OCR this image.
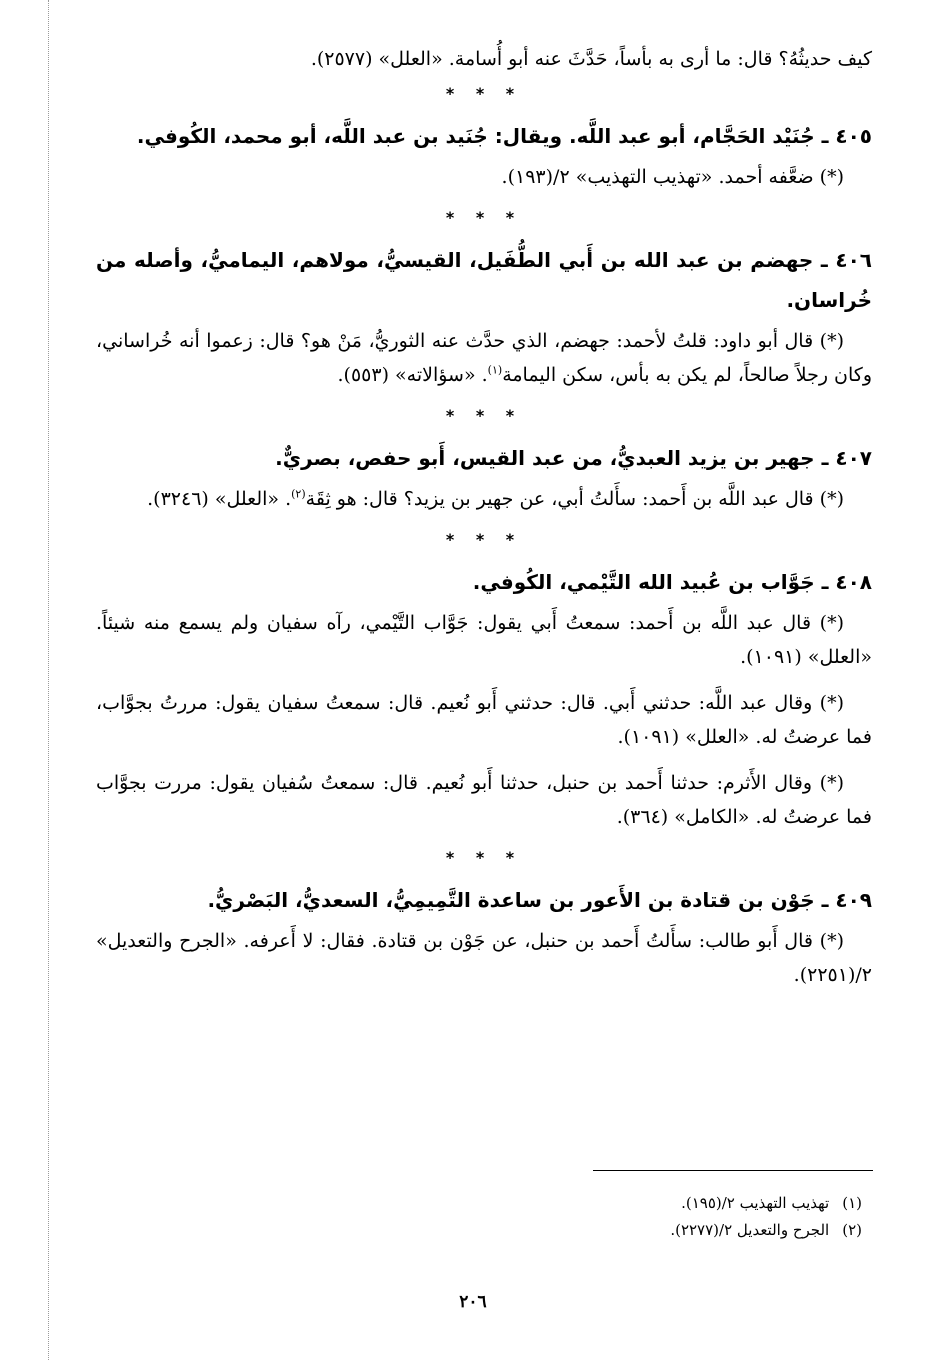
كيف حديثُهُ؟ قال: ما أرى به بأساً، حَدَّثَ عنه أبو أُسامة. «العلل» (٢٥٧٧).

* * *
٤٠٥ ـ جُنَيْد الحَجَّام، أبو عبد اللَّه. ويقال: جُنَيد بن عبد اللَّه، أبو محمد، الكُوفي.

(*) ضعَّفه أحمد. «تهذيب التهذيب» ٢/(١٩٣).

* * *
٤٠٦ ـ جهضم بن عبد الله بن أَبي الطُّفَيل، القيسيُّ، مولاهم، اليماميُّ، وأصله من خُراسان.

(*) قال أبو داود: قلتُ لأحمد: جهضم، الذي حدَّث عنه الثوريُّ، مَنْ هو؟ قال: زعموا أنه خُراساني، وكان رجلاً صالحاً، لم يكن به بأس، سكن اليمامة$^{(١)}$. «سؤالاته» (٥٥٣).

* * *
٤٠٧ ـ جهير بن يزيد العبديُّ، من عبد القيس، أَبو حفص، بصريٌّ.

(*) قال عبد اللَّه بن أَحمد: سأَلتُ أبي، عن جهير بن يزيد؟ قال: هو ثِقَة$^{(٢)}$. «العلل» (٣٢٤٦).

* * *
٤٠٨ ـ جَوَّاب بن عُبيد الله التَّيْمي، الكُوفي.

(*) قال عبد اللَّه بن أَحمد: سمعتُ أَبي يقول: جَوَّاب التَّيْمي، رآه سفيان ولم يسمع منه شيئاً. «العلل» (١٠٩١).

(*) وقال عبد اللَّه: حدثني أَبي. قال: حدثني أَبو نُعيم. قال: سمعتُ سفيان يقول: مررتُ بجوَّاب، فما عرضتُ له. «العلل» (١٠٩١).

(*) وقال الأَثرم: حدثنا أَحمد بن حنبل، حدثنا أَبو نُعيم. قال: سمعتُ سُفيان يقول: مررت بجوَّاب فما عرضتُ له. «الكامل» (٣٦٤).

* * *
٤٠٩ ـ جَوْن بن قتادة بن الأَعور بن ساعدة التَّمِيمِيُّ، السعديُّ، البَصْريُّ.

(*) قال أَبو طالب: سأَلتُ أَحمد بن حنبل، عن جَوْن بن قتادة. فقال: لا أَعرفه. «الجرح والتعديل» ٢/(٢٢٥١).

(١) تهذيب التهذيب ٢/(١٩٥).
(٢) الجرح والتعديل ٢/(٢٢٧٧).
٢٠٦
